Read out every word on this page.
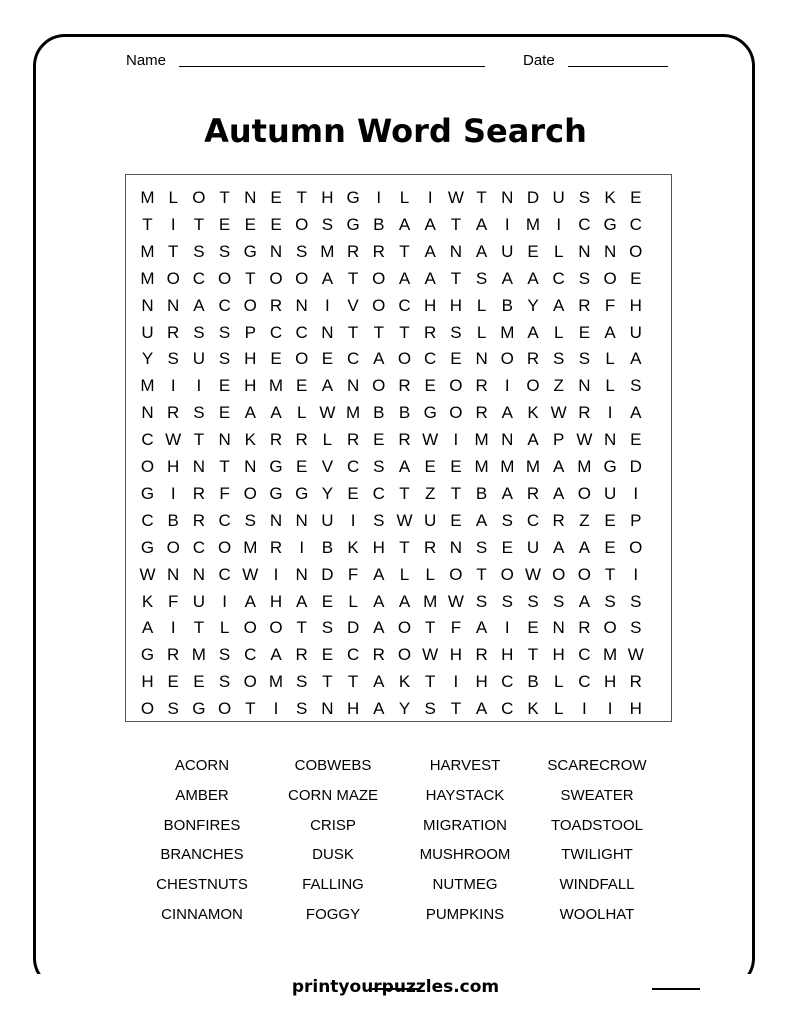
Name	Date
Autumn Word Search
M L O T N E T H G I	L	I W T N D U S K E
T	I	T E E E O S G B A A T A	I M I	C G C
M T S S G N S M R R T A N A U E L N N O
M O C O T O O A T O A A T S A A C S O E
N N A C O R N	I	V O C H H L B Y A R F H
U R S S P C C N T T T R S L M A L E A U
Y S U S H E O E C A O C E N O R S S L A
M I	I	E H M E A N O R E O R	I O Z N L S
N R S E A A L W M B B G O R A K W R	I	A
C W T N K R R L R E R W I M N A P W N E
O H N T N G E V C S A E E M M M A M G D
G I	R F O G G Y E C T Z T B A R A O U	I
C B R C S N N U	I	S W U E A S C R Z E P
G O C O M R	I	B K H T R N S E U A A E O
W N N C W I	N D F A L L O T O W O O T	I
K F U	I	A H A E L A A M W S S S S A S S
A	I	T L O O T S D A O T F A	I	E N R O S
G R M S C A R E C R O W H R H T H C M W
H E E S O M S T T A K T	I	H C B L C H R
O S G O T	I	S N H A Y S T A C K L	I	I	H
ACORN
AMBER
BONFIRES
BRANCHES
CHESTNUTS
CINNAMON
COBWEBS
CORN MAZE
CRISP
DUSK
FALLING
FOGGY
HARVEST
HAYSTACK
MIGRATION
MUSHROOM
NUTMEG
PUMPKINS
SCARECROW
SWEATER
TOADSTOOL
TWILIGHT
WINDFALL
WOOLHAT
printyourpuzzles.com
